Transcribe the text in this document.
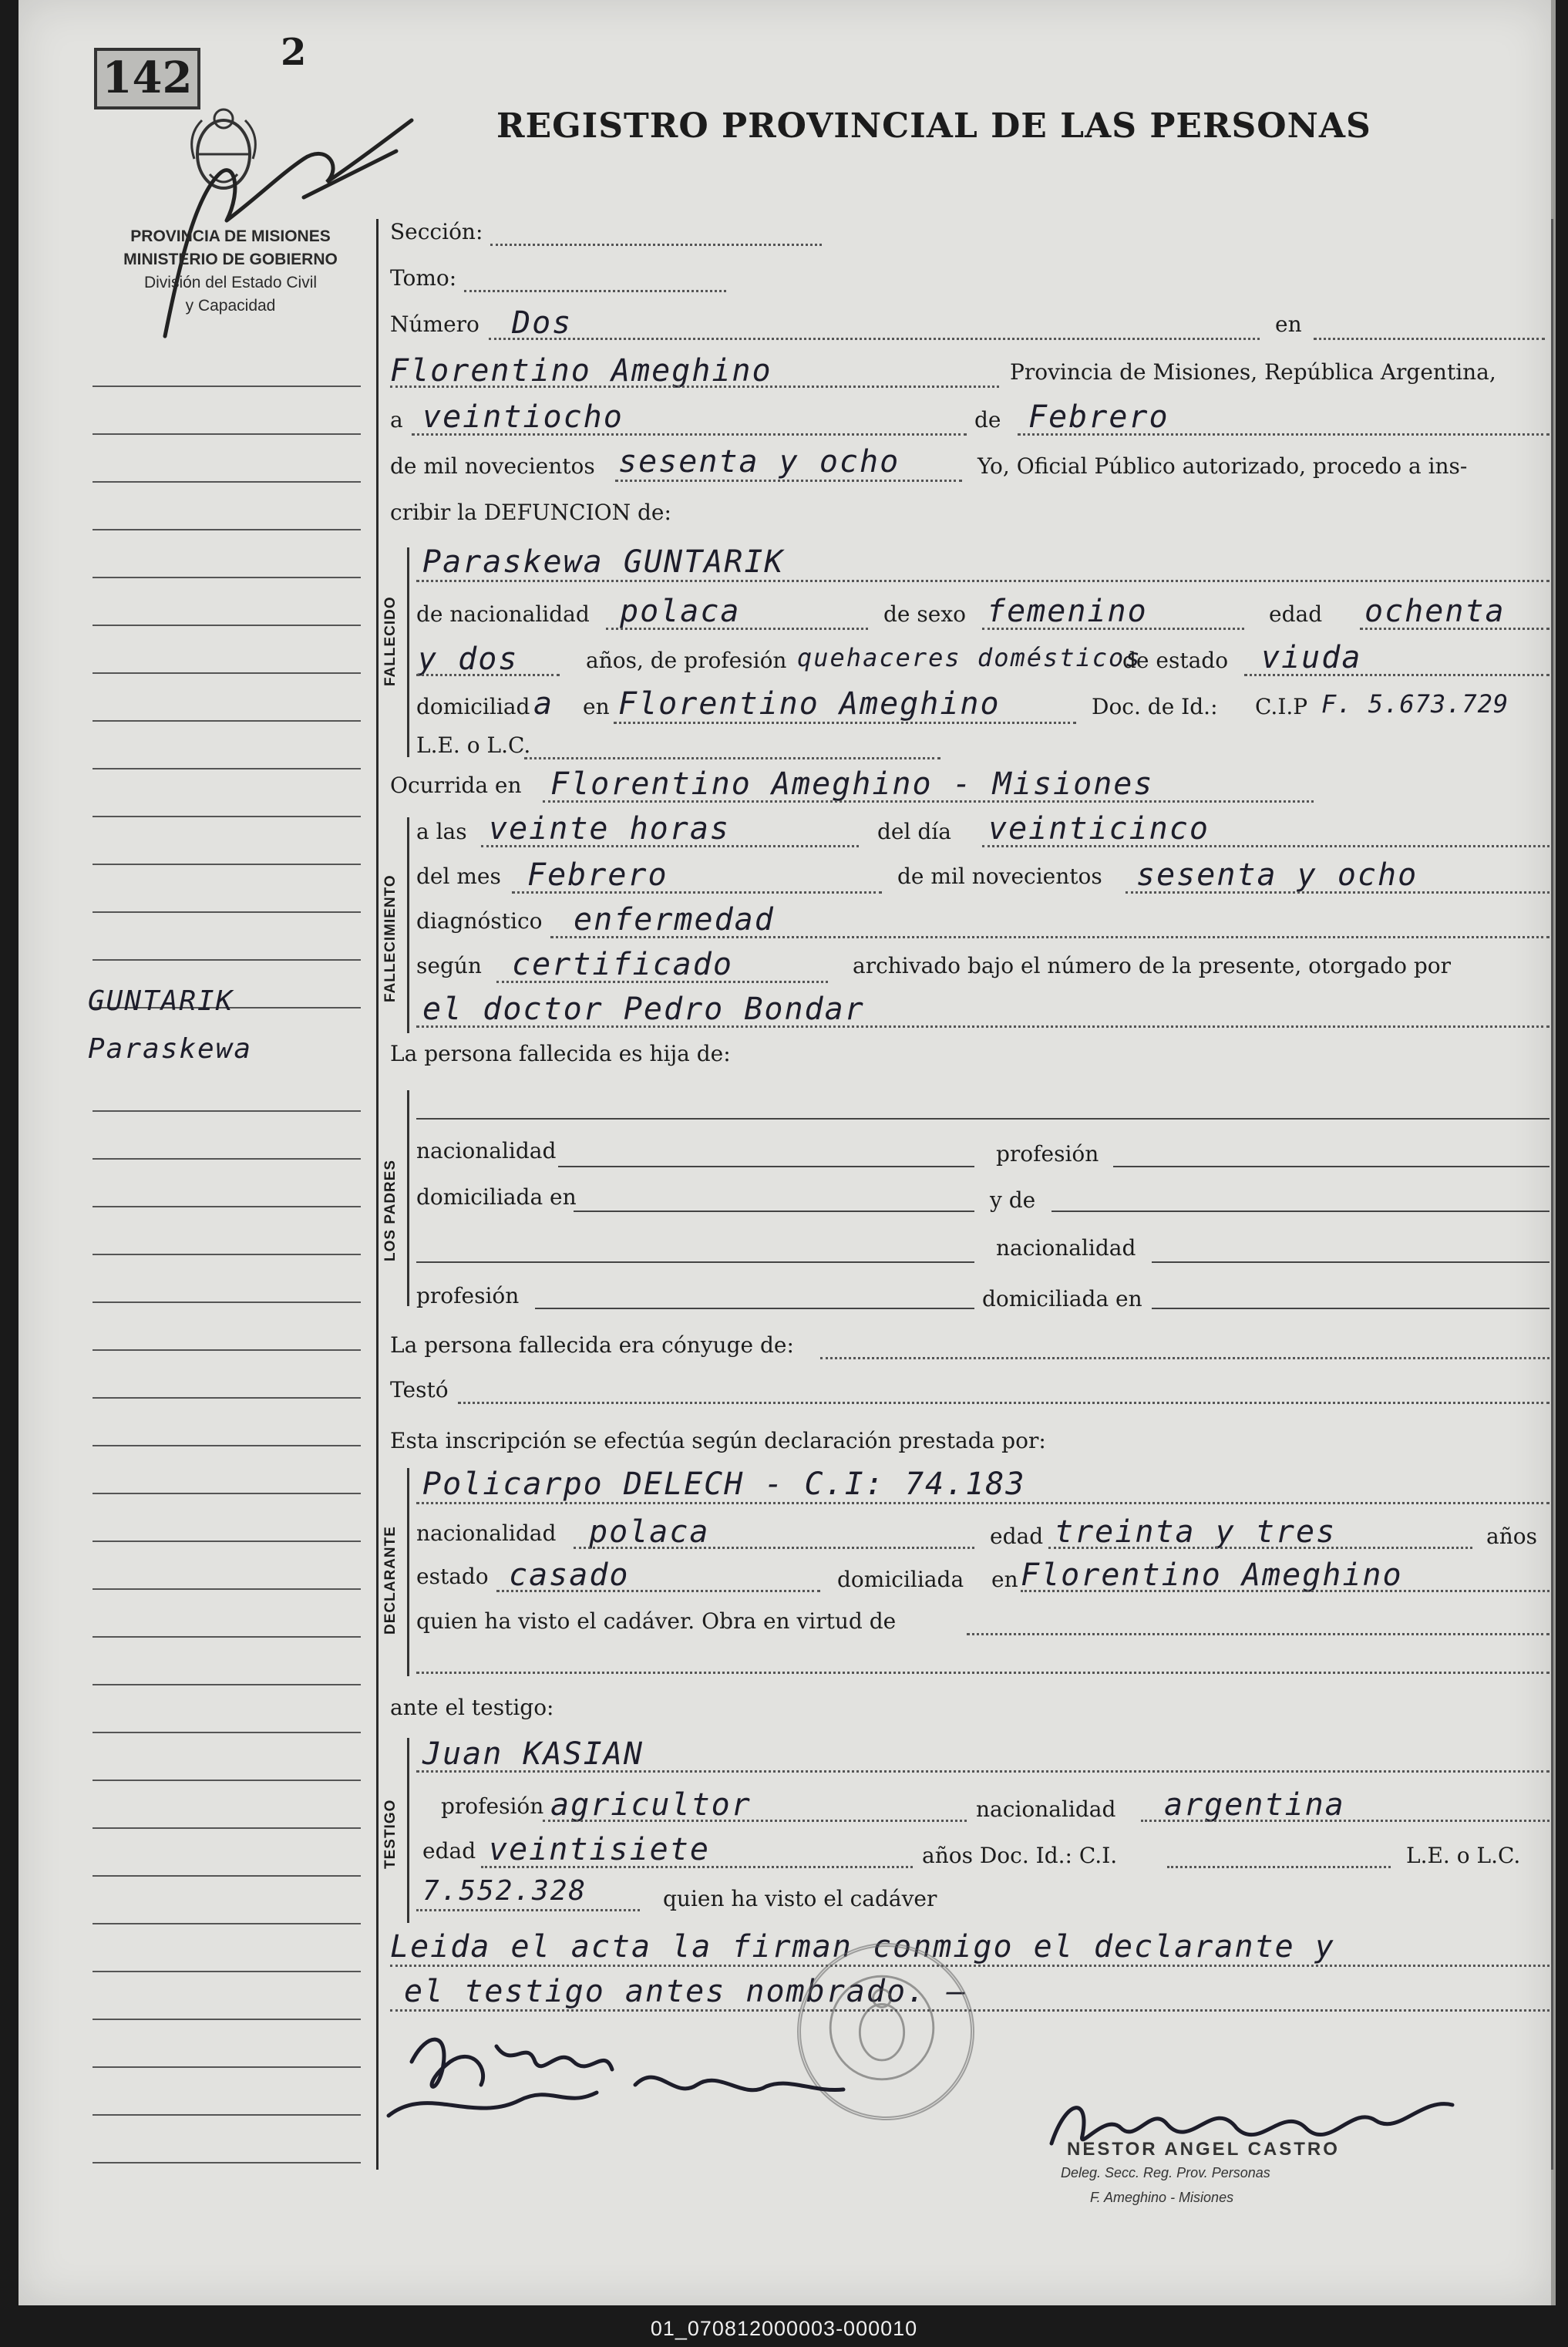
142 2
REGISTRO PROVINCIAL DE LAS PERSONAS
PROVINCIA DE MISIONES
MINISTERIO DE GOBIERNO
División del Estado Civil
y Capacidad
GUNTARIK
Paraskewa
Sección:
Tomo:
Número Dos	en
Florentino Ameghino	Provincia de Misiones, República Argentina,
a veintiocho	de Febrero
de mil novecientos sesenta y ocho	Yo, Oficial Público autorizado, procedo a ins-
cribir la DEFUNCION de:
FALLECIDO
Paraskewa GUNTARIK
de nacionalidad polaca	de sexo femenino	edad ochenta
y dos	años, de profesión quehaceres domésticos
de estado viuda
domiciliad a en Florentino Ameghino	Doc. de Id.: C.I.P F. 5.673.729
L.E. o L.C.
Ocurrida en Florentino Ameghino - Misiones
FALLECIMIENTO
a las veinte horas	del día veinticinco
del mes Febrero	de mil novecientos sesenta y ocho
diagnóstico enfermedad
según certificado	archivado bajo el número de la presente, otorgado por
el doctor Pedro Bondar
La persona fallecida es hija de:
LOS PADRES
nacionalidad	profesión
domiciliada en	y de
nacionalidad
profesión	domiciliada en
La persona fallecida era cónyuge de:
Testó
Esta inscripción se efectúa según declaración prestada por:
DECLARANTE
Policarpo DELECH - C.I: 74.183
nacionalidad polaca	edad treinta y tres	años
estado casado	domiciliada en Florentino Ameghino
quien ha visto el cadáver. Obra en virtud de
ante el testigo:
TESTIGO
Juan KASIAN
profesión agricultor	nacionalidad argentina
edad veintisiete	años Doc. Id.: C.I.	L.E. o L.C.
7.552.328	quien ha visto el cadáver
Leida el acta la firman conmigo el declarante y
el testigo antes nombrado. —
NESTOR ANGEL CASTRO
Deleg. Secc. Reg. Prov. Personas
F. Ameghino - Misiones
01_070812000003-000010
